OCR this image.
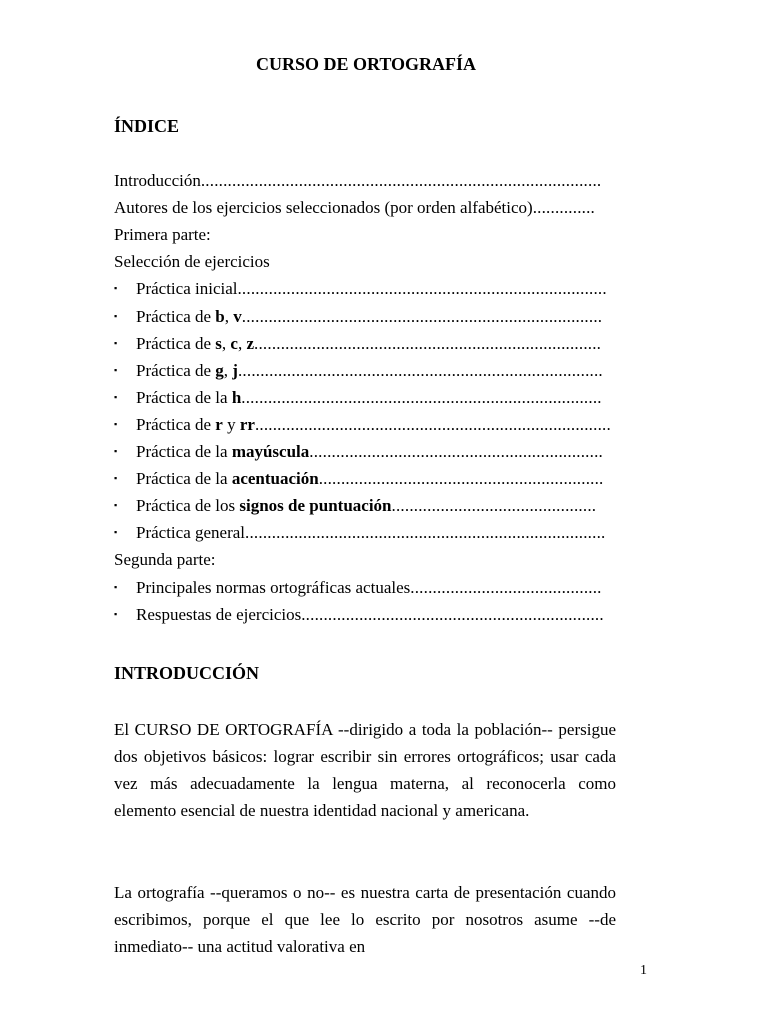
CURSO DE ORTOGRAFÍA
ÍNDICE
Introducción..........................................................................................
Autores de los ejercicios seleccionados (por orden alfabético)..............
Primera parte:
Selección de ejercicios
▪ Práctica inicial...................................................................................
▪ Práctica de b, v.................................................................................
▪ Práctica de s, c, z..............................................................................
▪ Práctica de g, j..................................................................................
▪ Práctica de la h.................................................................................
▪ Práctica de r y rr................................................................................
▪ Práctica de la mayúscula..................................................................
▪ Práctica de la acentuación................................................................
▪ Práctica de los signos de puntuación..............................................
▪ Práctica general.................................................................................
Segunda parte:
▪ Principales normas ortográficas actuales...........................................
▪ Respuestas de ejercicios....................................................................
INTRODUCCIÓN

El CURSO DE ORTOGRAFÍA --dirigido a toda la población-- persigue dos objetivos básicos: lograr escribir sin errores ortográficos; usar cada vez más adecuadamente la lengua materna, al reconocerla como elemento esencial de nuestra identidad nacional y americana.

La ortografía --queramos o no-- es nuestra carta de presentación cuando escribimos, porque el que lee lo escrito por nosotros asume --de inmediato-- una actitud valorativa en

1
